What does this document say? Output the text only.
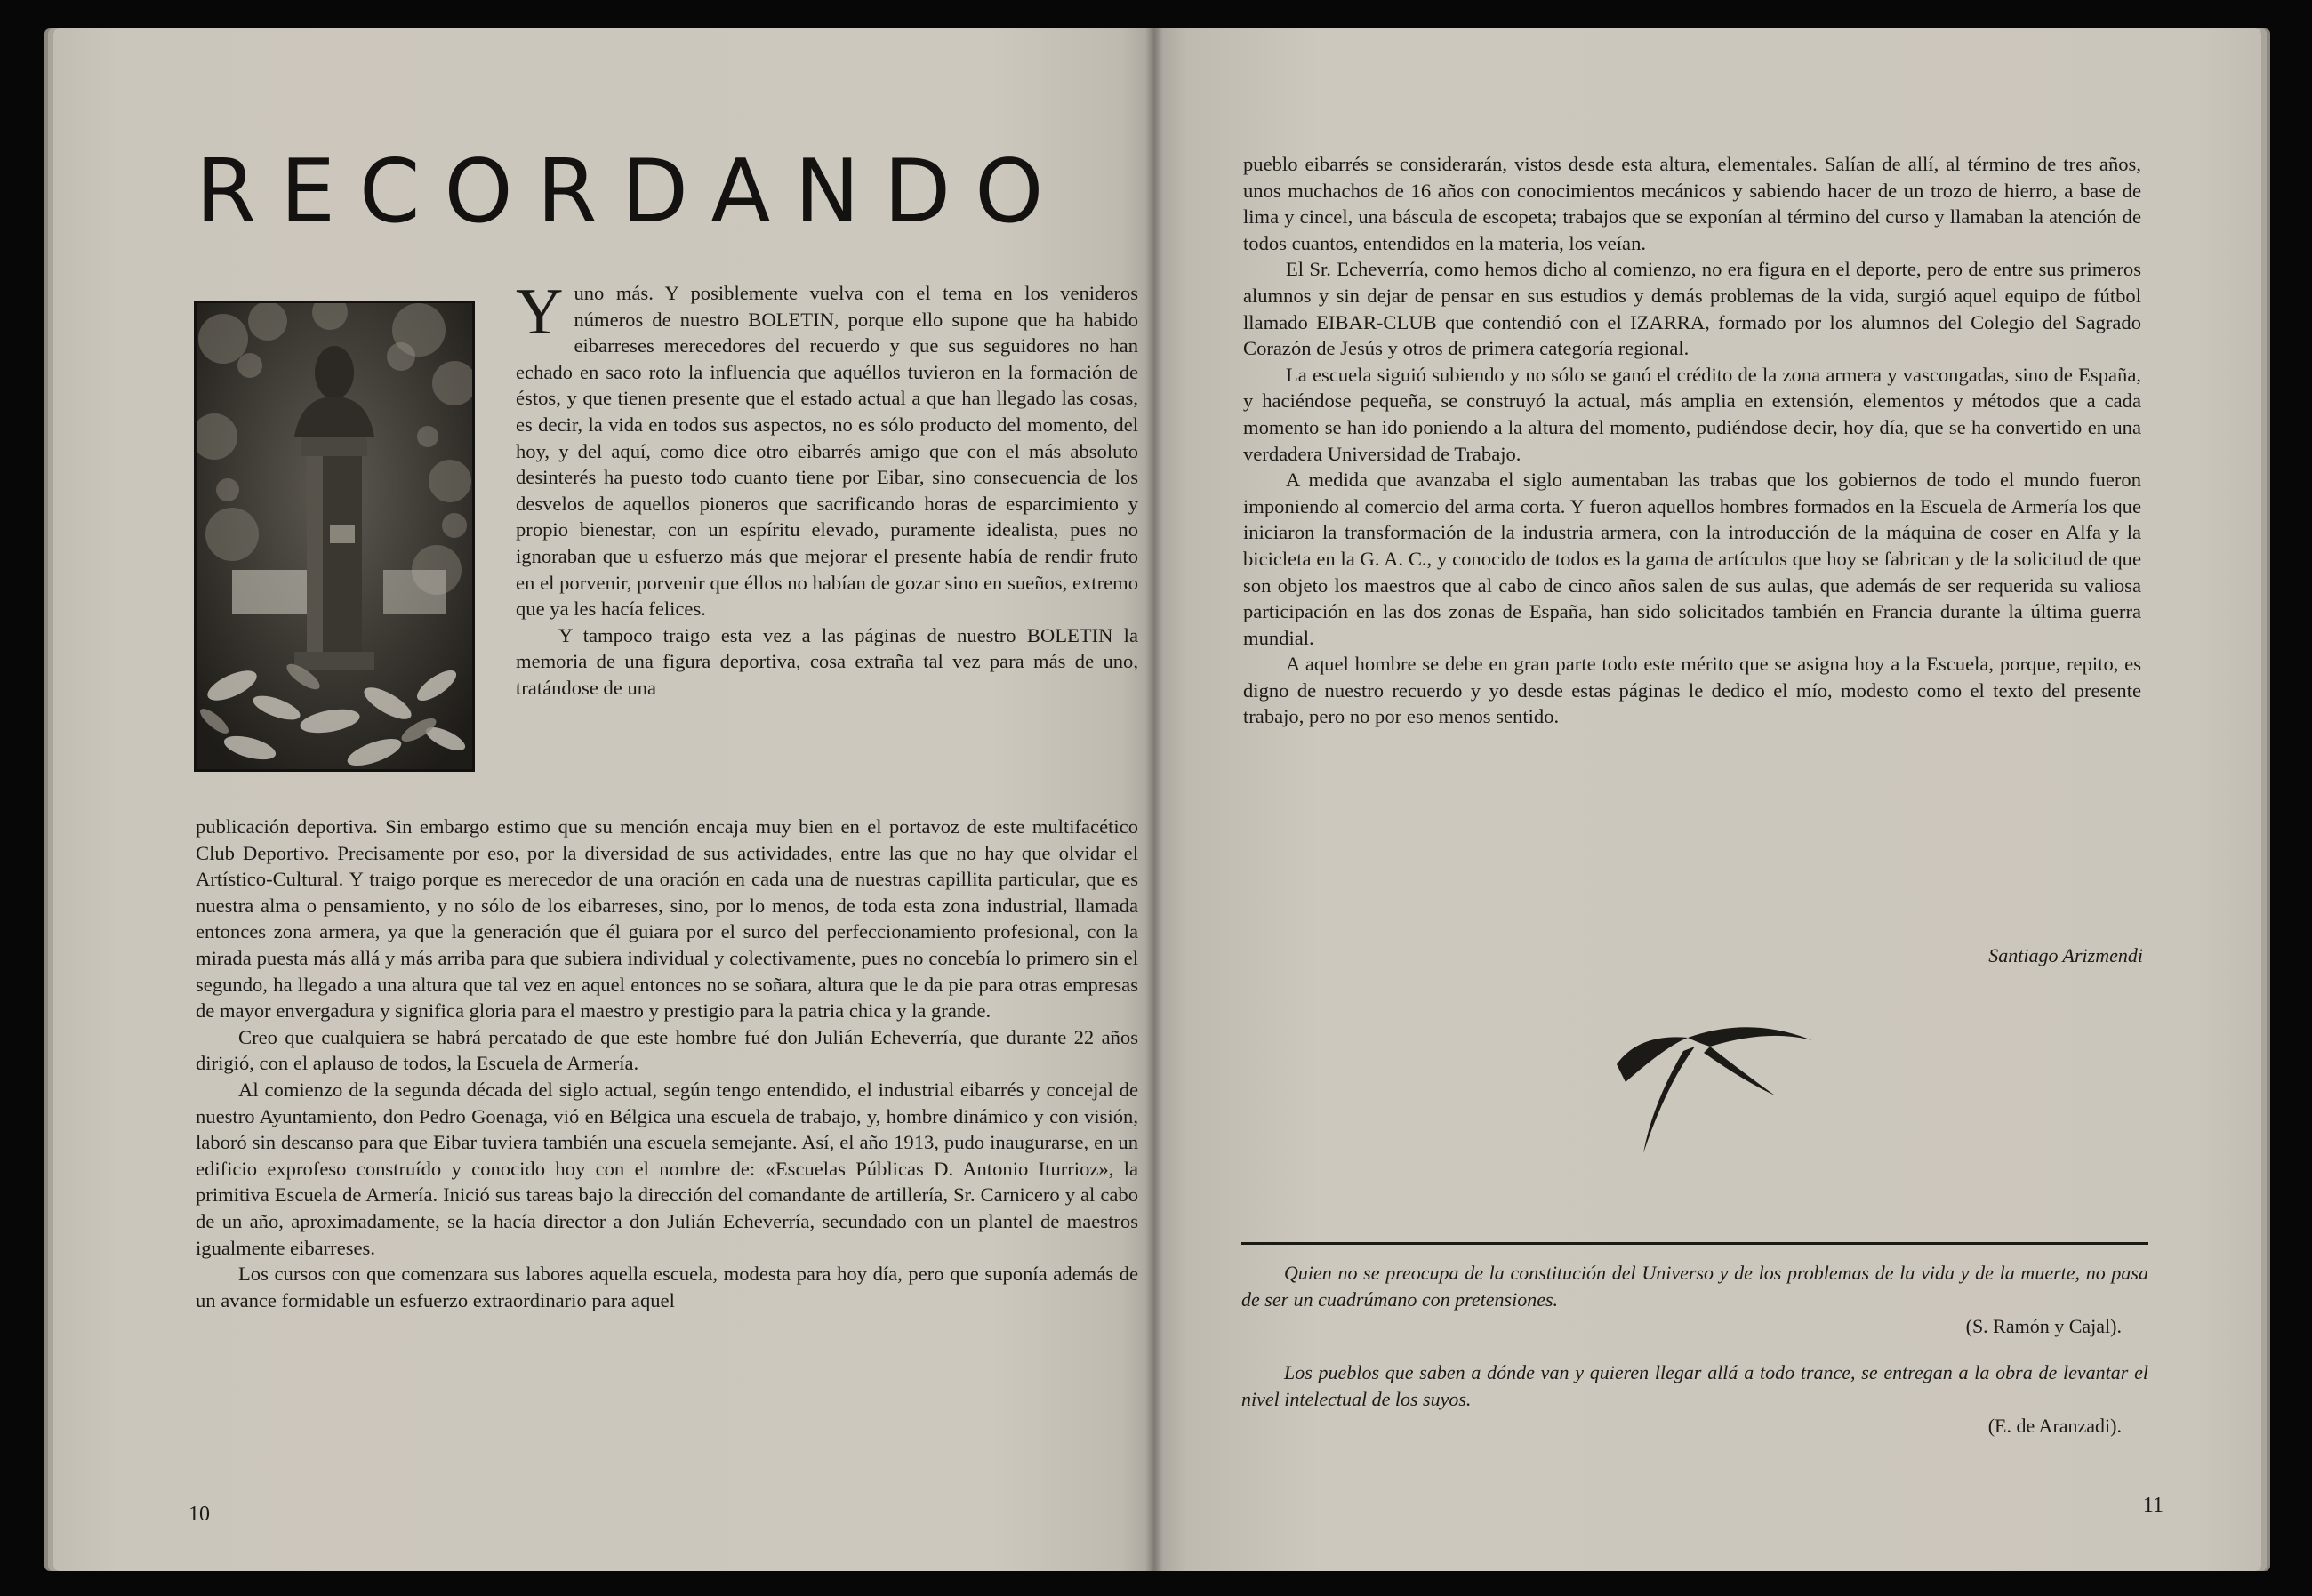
RECORDANDO

Yuno más. Y posiblemente vuelva con el tema en los venideros números de nuestro BOLETIN, porque ello supone que ha habido eibarreses merecedores del recuerdo y que sus seguidores no han echado en saco roto la influencia que aquéllos tuvieron en la formación de éstos, y que tienen presente que el estado actual a que han llegado las cosas, es decir, la vida en todos sus aspectos, no es sólo producto del momento, del hoy, y del aquí, como dice otro eibarrés amigo que con el más absoluto desinterés ha puesto todo cuanto tiene por Eibar, sino consecuencia de los desvelos de aquellos pioneros que sacrificando horas de esparcimiento y propio bienestar, con un espíritu elevado, puramente idealista, pues no ignoraban que u esfuerzo más que mejorar el presente había de rendir fruto en el porvenir, porvenir que éllos no habían de gozar sino en sueños, extremo que ya les hacía felices.

Y tampoco traigo esta vez a las páginas de nuestro BOLETIN la memoria de una figura deportiva, cosa extraña tal vez para más de uno, tratándose de una

publicación deportiva. Sin embargo estimo que su mención encaja muy bien en el portavoz de este multifacético Club Deportivo. Precisamente por eso, por la diversidad de sus actividades, entre las que no hay que olvidar el Artístico-Cultural. Y traigo porque es merecedor de una oración en cada una de nuestras capillita particular, que es nuestra alma o pensamiento, y no sólo de los eibarreses, sino, por lo menos, de toda esta zona industrial, llamada entonces zona armera, ya que la generación que él guiara por el surco del perfeccionamiento profesional, con la mirada puesta más allá y más arriba para que subiera individual y colectivamente, pues no concebía lo primero sin el segundo, ha llegado a una altura que tal vez en aquel entonces no se soñara, altura que le da pie para otras empresas de mayor envergadura y significa gloria para el maestro y prestigio para la patria chica y la grande.

Creo que cualquiera se habrá percatado de que este hombre fué don Julián Echeverría, que durante 22 años dirigió, con el aplauso de todos, la Escuela de Armería.

Al comienzo de la segunda década del siglo actual, según tengo entendido, el industrial eibarrés y concejal de nuestro Ayuntamiento, don Pedro Goenaga, vió en Bélgica una escuela de trabajo, y, hombre dinámico y con visión, laboró sin descanso para que Eibar tuviera también una escuela semejante. Así, el año 1913, pudo inaugurarse, en un edificio exprofeso construído y conocido hoy con el nombre de: «Escuelas Públicas D. Antonio Iturrioz», la primitiva Escuela de Armería. Inició sus tareas bajo la dirección del comandante de artillería, Sr. Carnicero y al cabo de un año, aproximadamente, se la hacía director a don Julián Echeverría, secundado con un plantel de maestros igualmente eibarreses.

Los cursos con que comenzara sus labores aquella escuela, modesta para hoy día, pero que suponía además de un avance formidable un esfuerzo extraordinario para aquel

10

pueblo eibarrés se considerarán, vistos desde esta altura, elementales. Salían de allí, al término de tres años, unos muchachos de 16 años con conocimientos mecánicos y sabiendo hacer de un trozo de hierro, a base de lima y cincel, una báscula de escopeta; trabajos que se exponían al término del curso y llamaban la atención de todos cuantos, entendidos en la materia, los veían.

El Sr. Echeverría, como hemos dicho al comienzo, no era figura en el deporte, pero de entre sus primeros alumnos y sin dejar de pensar en sus estudios y demás problemas de la vida, surgió aquel equipo de fútbol llamado EIBAR-CLUB que contendió con el IZARRA, formado por los alumnos del Colegio del Sagrado Corazón de Jesús y otros de primera categoría regional.

La escuela siguió subiendo y no sólo se ganó el crédito de la zona armera y vascongadas, sino de España, y haciéndose pequeña, se construyó la actual, más amplia en extensión, elementos y métodos que a cada momento se han ido poniendo a la altura del momento, pudiéndose decir, hoy día, que se ha convertido en una verdadera Universidad de Trabajo.

A medida que avanzaba el siglo aumentaban las trabas que los gobiernos de todo el mundo fueron imponiendo al comercio del arma corta. Y fueron aquellos hombres formados en la Escuela de Armería los que iniciaron la transformación de la industria armera, con la introducción de la máquina de coser en Alfa y la bicicleta en la G. A. C., y conocido de todos es la gama de artículos que hoy se fabrican y de la solicitud de que son objeto los maestros que al cabo de cinco años salen de sus aulas, que además de ser requerida su valiosa participación en las dos zonas de España, han sido solicitados también en Francia durante la última guerra mundial.

A aquel hombre se debe en gran parte todo este mérito que se asigna hoy a la Escuela, porque, repito, es digno de nuestro recuerdo y yo desde estas páginas le dedico el mío, modesto como el texto del presente trabajo, pero no por eso menos sentido.

Santiago Arizmendi
Quien no se preocupa de la constitución del Universo y de los problemas de la vida y de la muerte, no pasa de ser un cuadrúmano con pretensiones.
(S. Ramón y Cajal).
Los pueblos que saben a dónde van y quieren llegar allá a todo trance, se entregan a la obra de levantar el nivel intelectual de los suyos.
(E. de Aranzadi).
11
